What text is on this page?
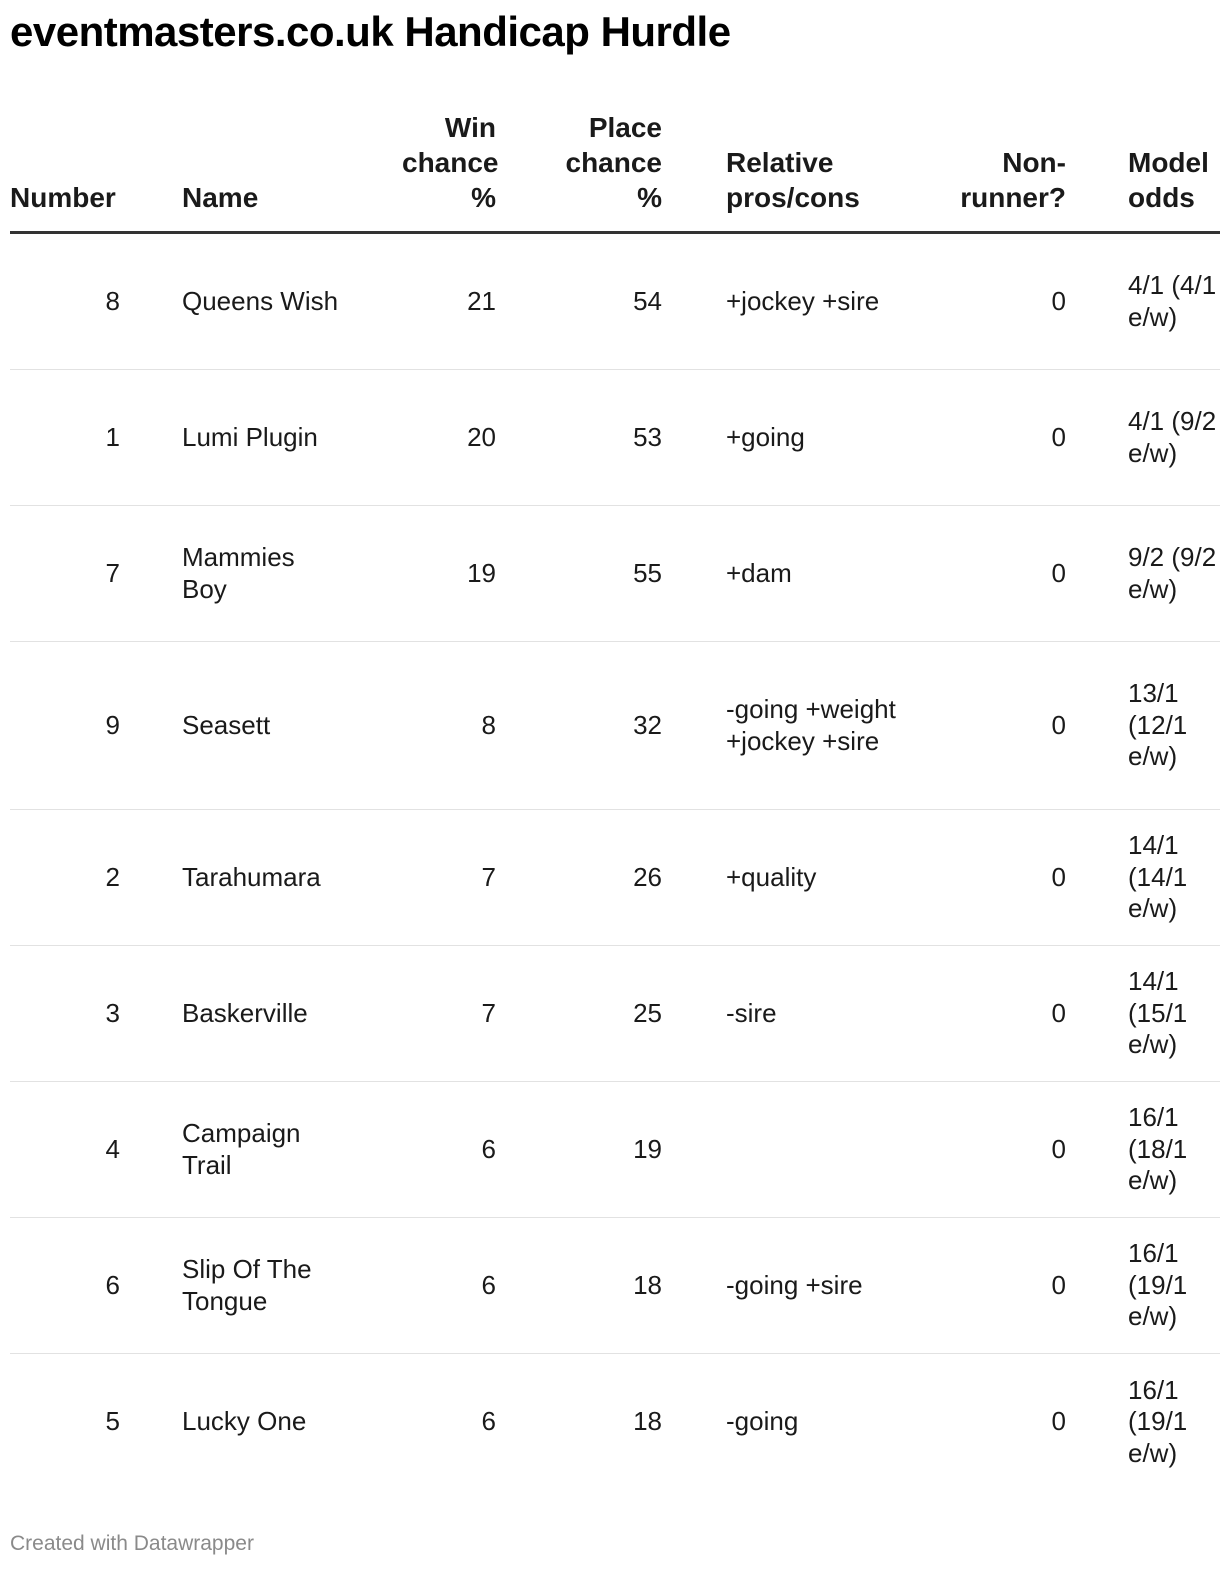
eventmasters.co.uk Handicap Hurdle
Number		Name	Win chance %	Place chance %		Relative pros/cons	Non-runner?		Model odds
8		Queens Wish	21	54		+jockey +sire	0		4/1 (4/1 e/w)
1		Lumi Plugin	20	53		+going	0		4/1 (9/2 e/w)
7		Mammies Boy	19	55		+dam	0		9/2 (9/2 e/w)
9		Seasett	8	32		-going +weight +jockey +sire	0		13/1 (12/1 e/w)
2		Tarahumara	7	26		+quality	0		14/1 (14/1 e/w)
3		Baskerville	7	25		-sire	0		14/1 (15/1 e/w)
4		Campaign Trail	6	19			0		16/1 (18/1 e/w)
6		Slip Of The Tongue	6	18		-going +sire	0		16/1 (19/1 e/w)
5		Lucky One	6	18		-going	0		16/1 (19/1 e/w)
Created with Datawrapper
